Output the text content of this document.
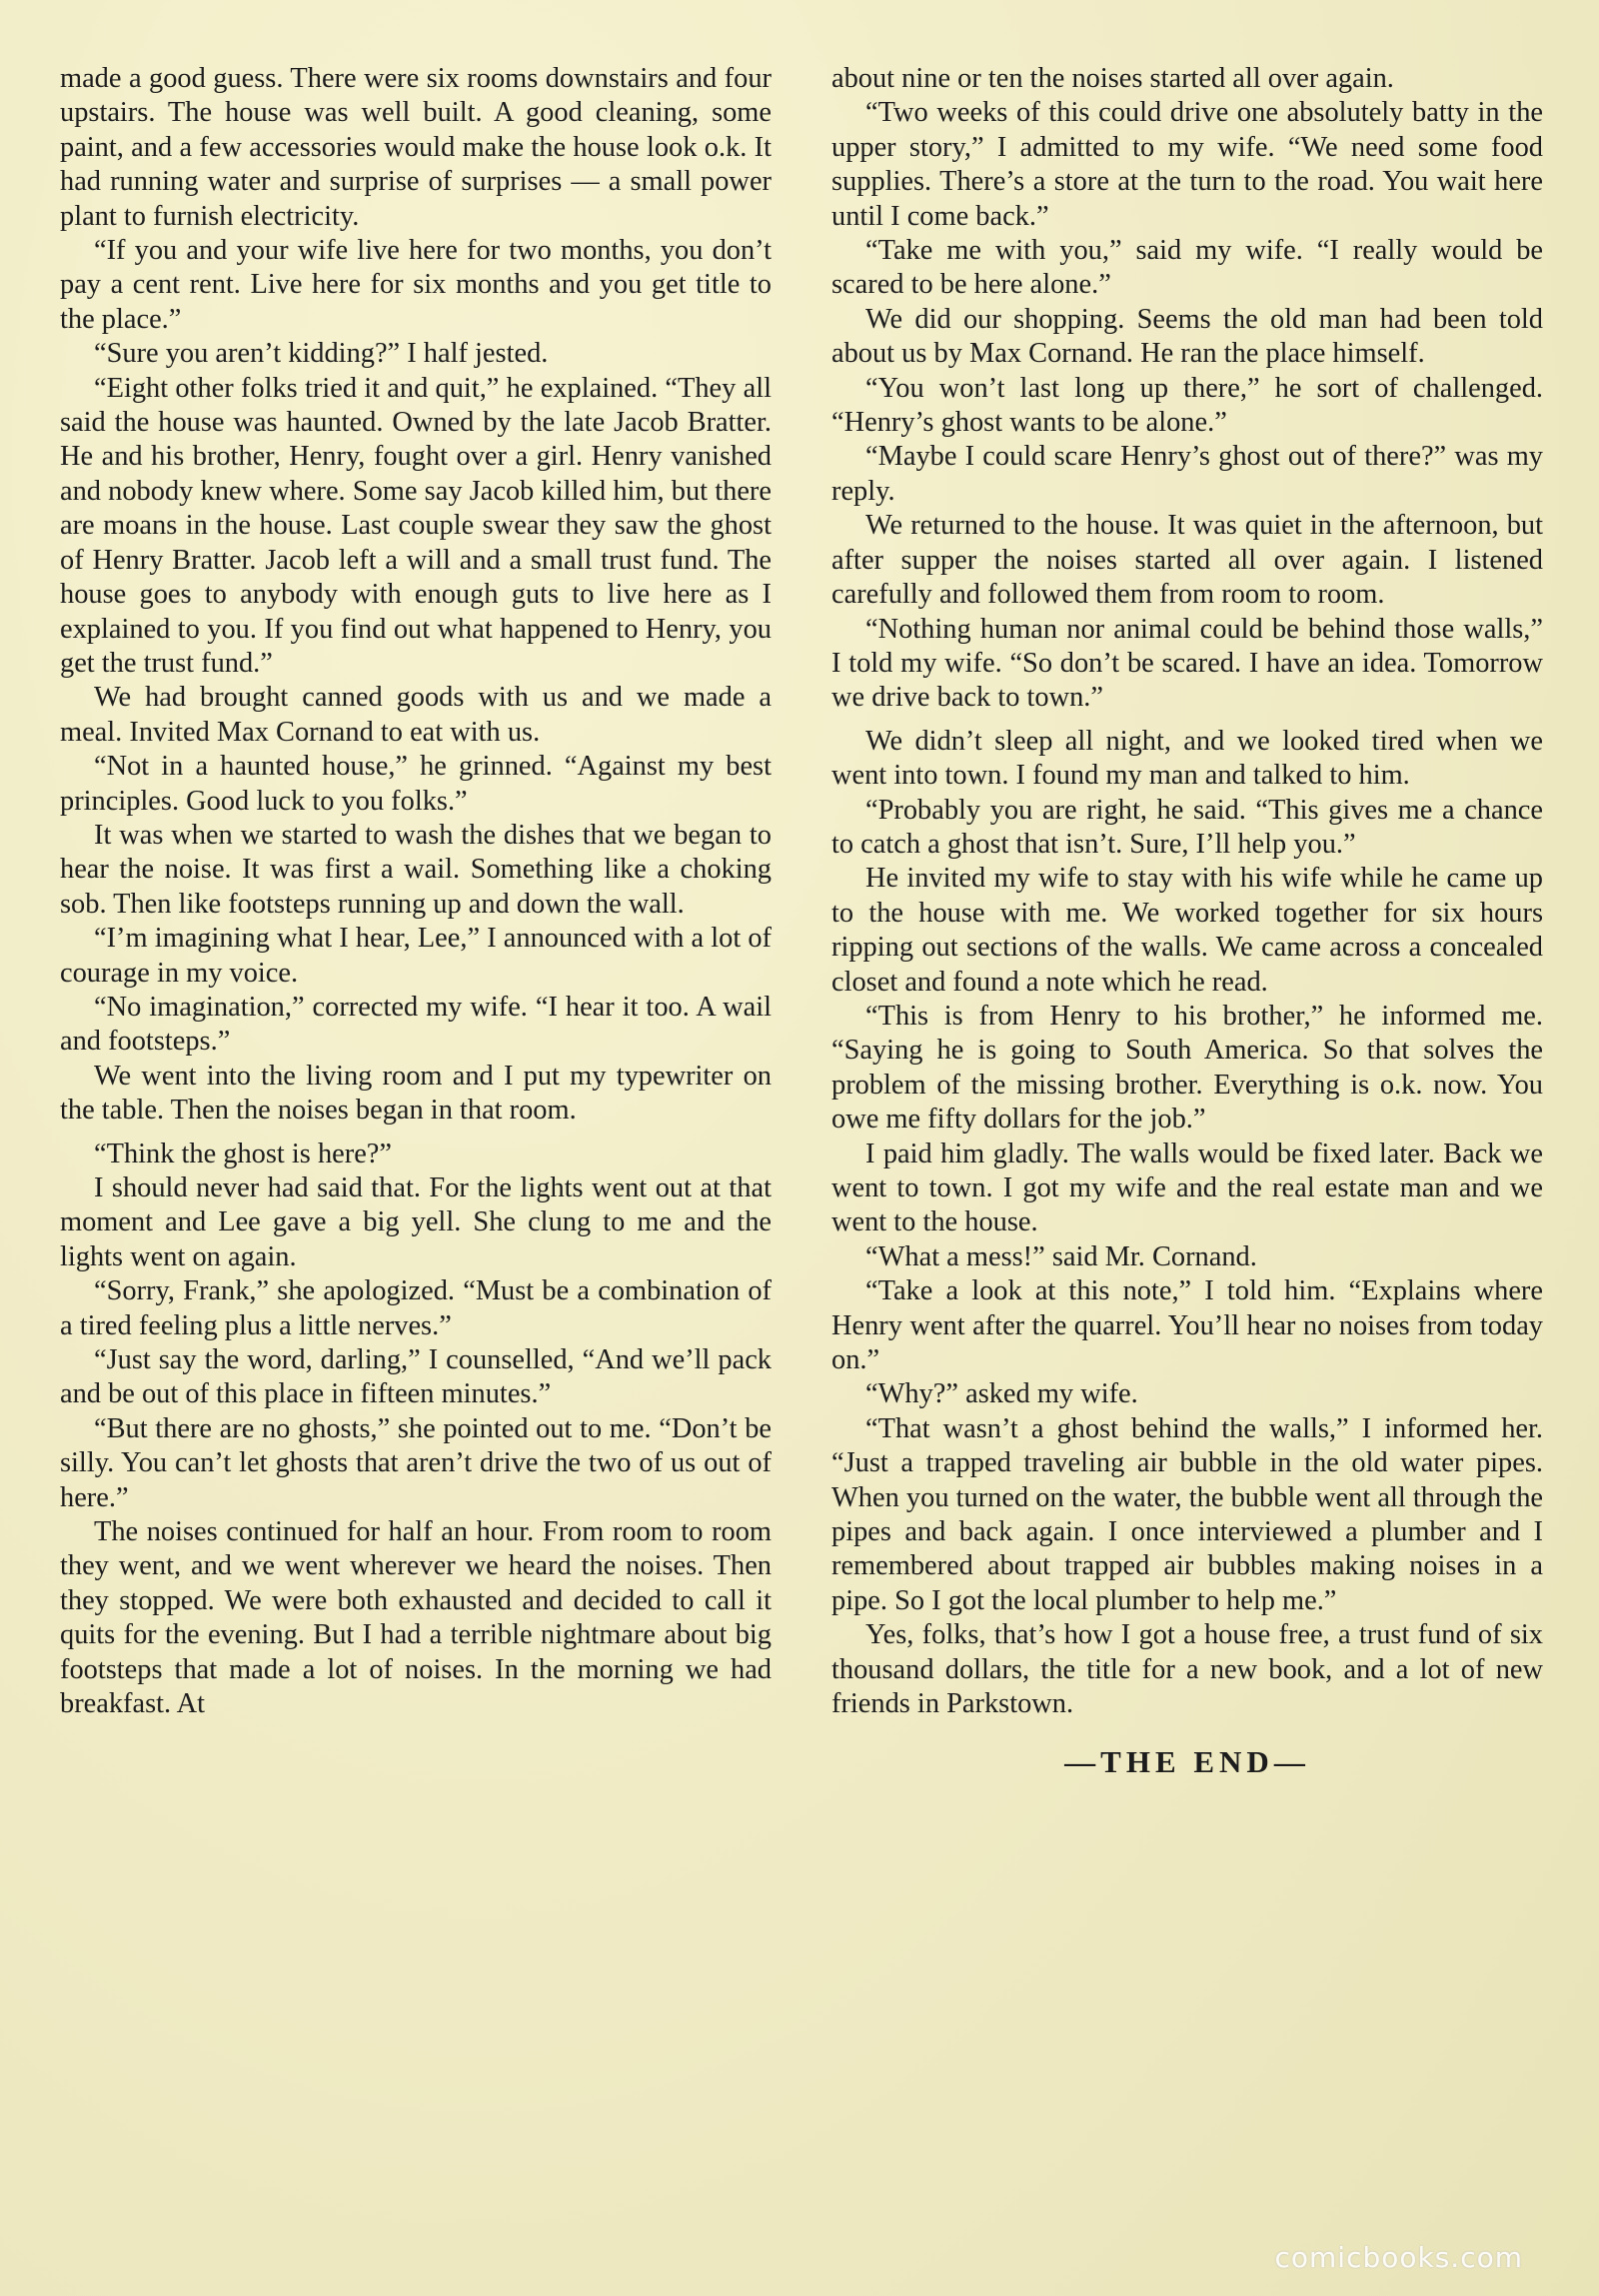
made a good guess. There were six rooms downstairs and four upstairs. The house was well built. A good cleaning, some paint, and a few accessories would make the house look o.k. It had running water and surprise of surprises — a small power plant to furnish electricity.

“If you and your wife live here for two months, you don’t pay a cent rent. Live here for six months and you get title to the place.”

“Sure you aren’t kidding?” I half jested.

“Eight other folks tried it and quit,” he explained. “They all said the house was haunted. Owned by the late Jacob Bratter. He and his brother, Henry, fought over a girl. Henry vanished and nobody knew where. Some say Jacob killed him, but there are moans in the house. Last couple swear they saw the ghost of Henry Bratter. Jacob left a will and a small trust fund. The house goes to anybody with enough guts to live here as I explained to you. If you find out what happened to Henry, you get the trust fund.”

We had brought canned goods with us and we made a meal. Invited Max Cornand to eat with us.

“Not in a haunted house,” he grinned. “Against my best principles. Good luck to you folks.”

It was when we started to wash the dishes that we began to hear the noise. It was first a wail. Something like a choking sob. Then like footsteps running up and down the wall.

“I’m imagining what I hear, Lee,” I announced with a lot of courage in my voice.

“No imagination,” corrected my wife. “I hear it too. A wail and footsteps.”

We went into the living room and I put my typewriter on the table. Then the noises began in that room.

“Think the ghost is here?”

I should never had said that. For the lights went out at that moment and Lee gave a big yell. She clung to me and the lights went on again.

“Sorry, Frank,” she apologized. “Must be a combination of a tired feeling plus a little nerves.”

“Just say the word, darling,” I counselled, “And we’ll pack and be out of this place in fifteen minutes.”

“But there are no ghosts,” she pointed out to me. “Don’t be silly. You can’t let ghosts that aren’t drive the two of us out of here.”

The noises continued for half an hour. From room to room they went, and we went wherever we heard the noises. Then they stopped. We were both exhausted and decided to call it quits for the evening. But I had a terrible nightmare about big footsteps that made a lot of noises. In the morning we had breakfast. At

about nine or ten the noises started all over again.

“Two weeks of this could drive one absolutely batty in the upper story,” I admitted to my wife. “We need some food supplies. There’s a store at the turn to the road. You wait here until I come back.”

“Take me with you,” said my wife. “I really would be scared to be here alone.”

We did our shopping. Seems the old man had been told about us by Max Cornand. He ran the place himself.

“You won’t last long up there,” he sort of challenged. “Henry’s ghost wants to be alone.”

“Maybe I could scare Henry’s ghost out of there?” was my reply.

We returned to the house. It was quiet in the afternoon, but after supper the noises started all over again. I listened carefully and followed them from room to room.

“Nothing human nor animal could be behind those walls,” I told my wife. “So don’t be scared. I have an idea. Tomorrow we drive back to town.”

We didn’t sleep all night, and we looked tired when we went into town. I found my man and talked to him.

“Probably you are right, he said. “This gives me a chance to catch a ghost that isn’t. Sure, I’ll help you.”

He invited my wife to stay with his wife while he came up to the house with me. We worked together for six hours ripping out sections of the walls. We came across a concealed closet and found a note which he read.

“This is from Henry to his brother,” he informed me. “Saying he is going to South America. So that solves the problem of the missing brother. Everything is o.k. now. You owe me fifty dollars for the job.”

I paid him gladly. The walls would be fixed later. Back we went to town. I got my wife and the real estate man and we went to the house.

“What a mess!” said Mr. Cornand.

“Take a look at this note,” I told him. “Explains where Henry went after the quarrel. You’ll hear no noises from today on.”

“Why?” asked my wife.

“That wasn’t a ghost behind the walls,” I informed her. “Just a trapped traveling air bubble in the old water pipes. When you turned on the water, the bubble went all through the pipes and back again. I once interviewed a plumber and I remembered about trapped air bubbles making noises in a pipe. So I got the local plumber to help me.”

Yes, folks, that’s how I got a house free, a trust fund of six thousand dollars, the title for a new book, and a lot of new friends in Parkstown.

—THE END—
comicbooks.com
